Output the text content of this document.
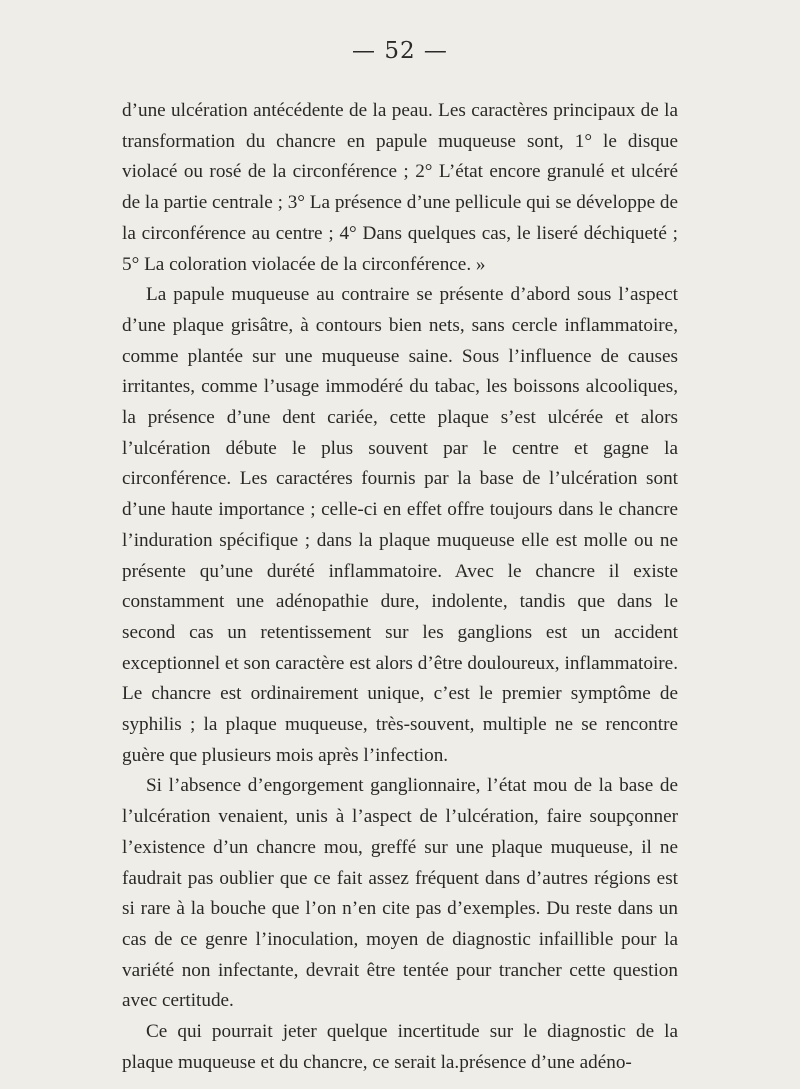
— 52 —

d’une ulcération antécédente de la peau. Les caractères principaux de la transformation du chancre en papule muqueuse sont, 1° le disque violacé ou rosé de la circonférence ; 2° L’état encore granulé et ulcéré de la partie centrale ; 3° La présence d’une pellicule qui se développe de la circonférence au centre ; 4° Dans quelques cas, le liseré déchiqueté ; 5° La coloration violacée de la circonférence. »

La papule muqueuse au contraire se présente d’abord sous l’aspect d’une plaque grisâtre, à contours bien nets, sans cercle inflammatoire, comme plantée sur une muqueuse saine. Sous l’influence de causes irritantes, comme l’usage immodéré du tabac, les boissons alcooliques, la présence d’une dent cariée, cette plaque s’est ulcérée et alors l’ulcération débute le plus souvent par le centre et gagne la circonférence. Les caractéres fournis par la base de l’ulcération sont d’une haute importance ; celle-ci en effet offre toujours dans le chancre l’induration spécifique ; dans la plaque muqueuse elle est molle ou ne présente qu’une durété inflammatoire. Avec le chancre il existe constamment une adénopathie dure, indolente, tandis que dans le second cas un retentissement sur les ganglions est un accident exceptionnel et son caractère est alors d’être douloureux, inflammatoire. Le chancre est ordinairement unique, c’est le premier symptôme de syphilis ; la plaque muqueuse, très-souvent, multiple ne se rencontre guère que plusieurs mois après l’infection.

Si l’absence d’engorgement ganglionnaire, l’état mou de la base de l’ulcération venaient, unis à l’aspect de l’ulcération, faire soupçonner l’existence d’un chancre mou, greffé sur une plaque muqueuse, il ne faudrait pas oublier que ce fait assez fréquent dans d’autres régions est si rare à la bouche que l’on n’en cite pas d’exemples. Du reste dans un cas de ce genre l’inoculation, moyen de diagnostic infaillible pour la variété non infectante, devrait être tentée pour trancher cette question avec certitude.

Ce qui pourrait jeter quelque incertitude sur le diagnostic de la plaque muqueuse et du chancre, ce serait la.présence d’une adéno-
